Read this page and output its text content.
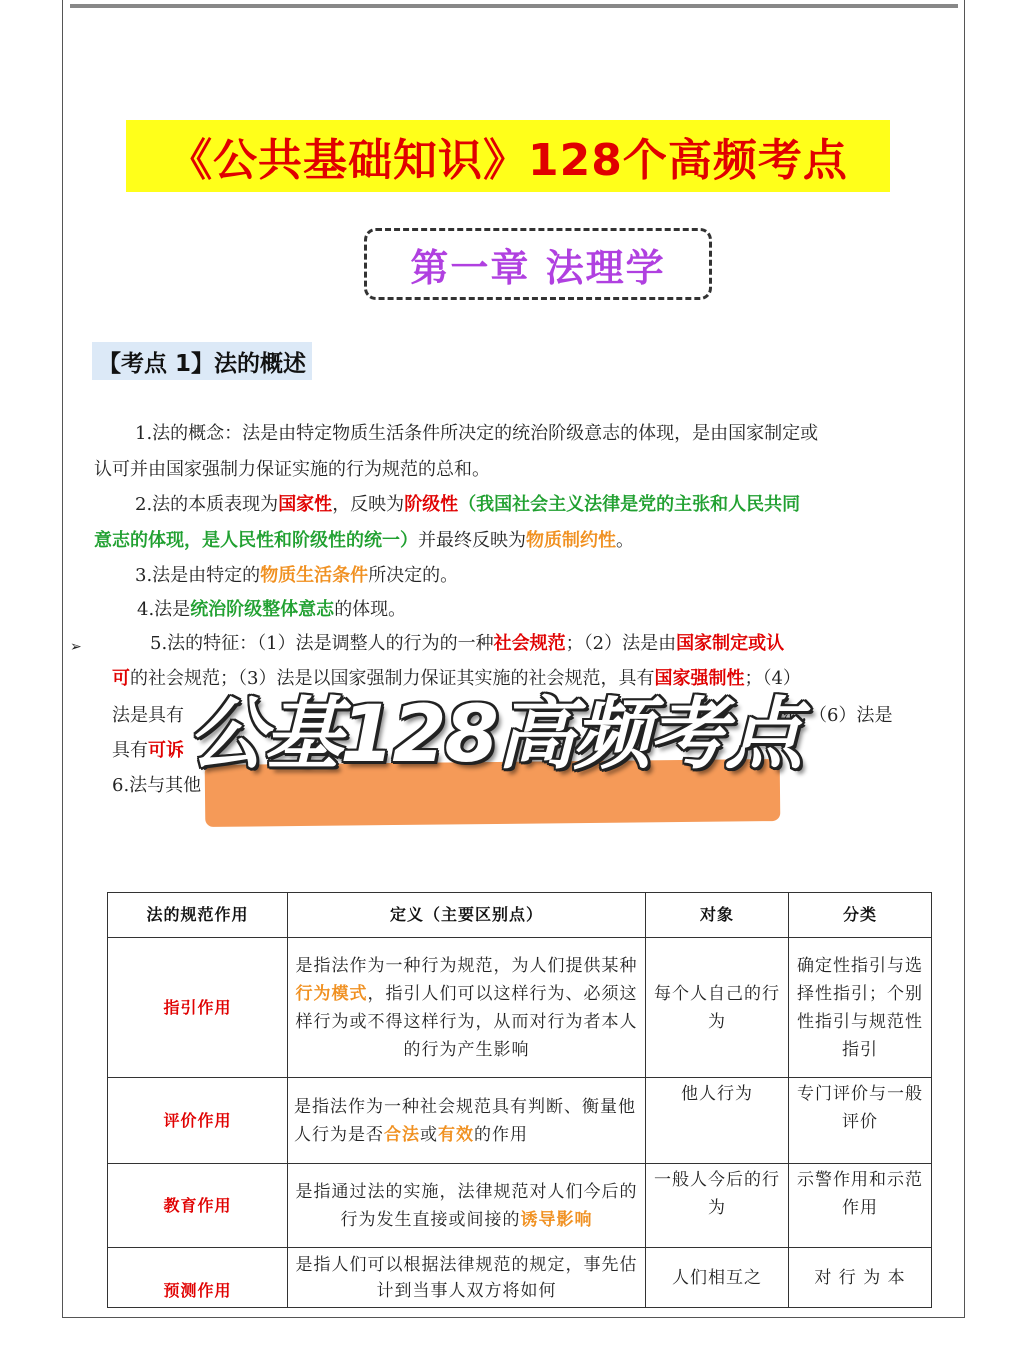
《公共基础知识》128个高频考点
第一章 法理学
【考点 1】法的概述
1.法的概念：法是由特定物质生活条件所决定的统治阶级意志的体现，是由国家制定或
认可并由国家强制力保证实施的行为规范的总和。
2.法的本质表现为国家性，反映为阶级性（我国社会主义法律是党的主张和人民共同
意志的体现，是人民性和阶级性的统一）并最终反映为物质制约性。
3.法是由特定的物质生活条件所决定的。
4.法是统治阶级整体意志的体现。
➢	5.法的特征：（1）法是调整人的行为的一种社会规范；（2）法是由国家制定或认
可的社会规范；（3）法是以国家强制力保证其实施的社会规范，具有国家强制性；（4）
法是具有	范；（6）法是
具有可诉
6.法与其他
公基128高频考点
法的规范作用	定义（主要区别点）	对象	分类
指引作用	是指法作为一种行为规范，为人们提供某种行为模式，指引人们可以这样行为、必须这样行为或不得这样行为，从而对行为者本人的行为产生影响	每个人自己的行为	确定性指引与选择性指引；个别性指引与规范性指引
评价作用	是指法作为一种社会规范具有判断、衡量他人行为是否合法或有效的作用	他人行为	专门评价与一般评价
教育作用	是指通过法的实施，法律规范对人们今后的行为发生直接或间接的诱导影响	一般人今后的行为	示警作用和示范作用
预测作用	是指人们可以根据法律规范的规定，事先估计到当事人双方将如何	人们相互之	对 行 为 本
